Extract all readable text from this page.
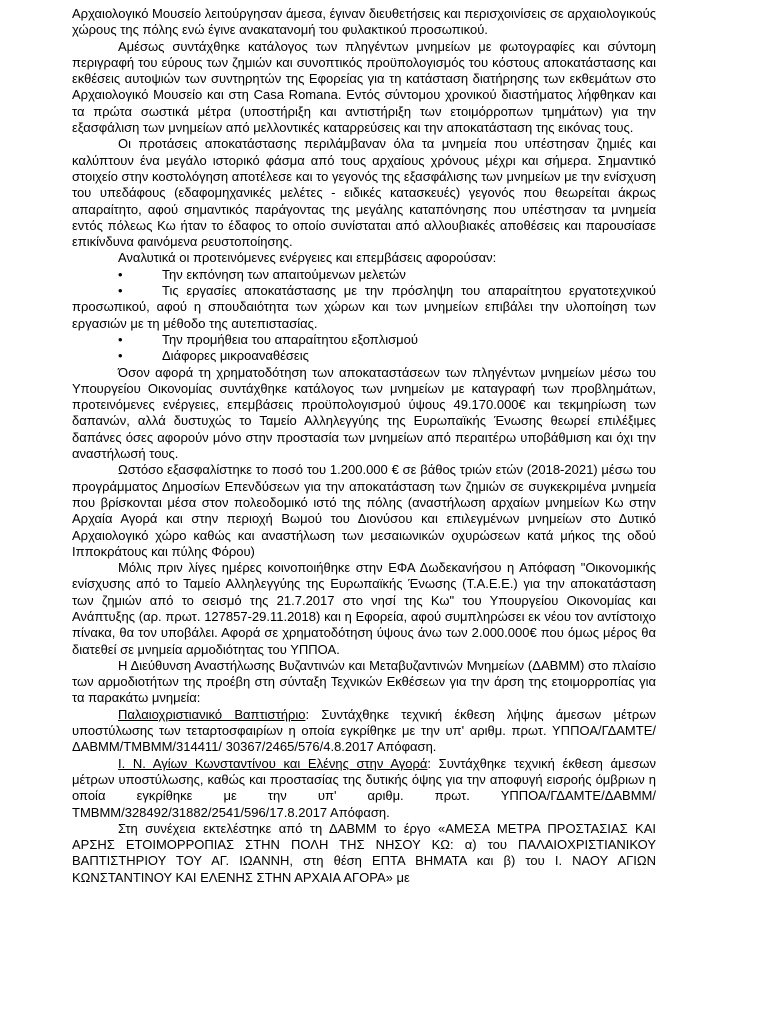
Αρχαιολογικό Μουσείο λειτούργησαν άμεσα, έγιναν διευθετήσεις και περισχοινίσεις σε αρχαιολογικούς χώρους της πόλης ενώ έγινε ανακατανομή του φυλακτικού προσωπικού.

Αμέσως συντάχθηκε κατάλογος των πληγέντων μνημείων με φωτογραφίες και σύντομη περιγραφή του εύρους των ζημιών και συνοπτικός προϋπολογισμός του κόστους αποκατάστασης και εκθέσεις αυτοψιών των συντηρητών της Εφορείας για τη κατάσταση διατήρησης των εκθεμάτων στο Αρχαιολογικό Μουσείο και στη Casa Romana. Εντός σύντομου χρονικού διαστήματος λήφθηκαν και τα πρώτα σωστικά μέτρα (υποστήριξη και αντιστήριξη των ετοιμόρροπων τμημάτων) για την εξασφάλιση των μνημείων από μελλοντικές καταρρεύσεις και την αποκατάσταση της εικόνας τους.

Οι προτάσεις αποκατάστασης περιλάμβαναν όλα τα μνημεία που υπέστησαν ζημιές και καλύπτουν ένα μεγάλο ιστορικό φάσμα από τους αρχαίους χρόνους μέχρι και σήμερα. Σημαντικό στοιχείο στην κοστολόγηση αποτέλεσε και το γεγονός της εξασφάλισης των μνημείων με την ενίσχυση του υπεδάφους (εδαφομηχανικές μελέτες - ειδικές κατασκευές) γεγονός που θεωρείται άκρως απαραίτητο, αφού σημαντικός παράγοντας της μεγάλης καταπόνησης που υπέστησαν τα μνημεία εντός πόλεως Κω ήταν το έδαφος το οποίο συνίσταται από αλλουβιακές αποθέσεις και παρουσίασε επικίνδυνα φαινόμενα ρευστοποίησης.

Αναλυτικά οι προτεινόμενες ενέργειες και επεμβάσεις αφορούσαν:

• Την εκπόνηση των απαιτούμενων μελετών

•	Τις εργασίες αποκατάστασης με την πρόσληψη του απαραίτητου εργατοτεχνικού προσωπικού, αφού η σπουδαιότητα των χώρων και των μνημείων επιβάλει την υλοποίηση των εργασιών με τη μέθοδο της αυτεπιστασίας.

• Την προμήθεια του απαραίτητου εξοπλισμού
• Διάφορες μικροαναθέσεις

Όσον αφορά τη χρηματοδότηση των αποκαταστάσεων των πληγέντων μνημείων μέσω του Υπουργείου Οικονομίας συντάχθηκε κατάλογος των μνημείων με καταγραφή των προβλημάτων, προτεινόμενες ενέργειες, επεμβάσεις προϋπολογισμού ύψους 49.170.000€ και τεκμηρίωση των δαπανών, αλλά δυστυχώς το Ταμείο Αλληλεγγύης της Ευρωπαϊκής Ένωσης θεωρεί επιλέξιμες δαπάνες όσες αφορούν μόνο στην προστασία των μνημείων από περαιτέρω υποβάθμιση και όχι την αναστήλωσή τους.

Ωστόσο εξασφαλίστηκε το ποσό του 1.200.000 € σε βάθος τριών ετών (2018-2021) μέσω του προγράμματος Δημοσίων Επενδύσεων για την αποκατάσταση των ζημιών σε συγκεκριμένα μνημεία που βρίσκονται μέσα στον πολεοδομικό ιστό της πόλης (αναστήλωση αρχαίων μνημείων Κω στην Αρχαία Αγορά και στην περιοχή Βωμού του Διονύσου και επιλεγμένων μνημείων στο Δυτικό Αρχαιολογικό χώρο καθώς και αναστήλωση των μεσαιωνικών οχυρώσεων κατά μήκος της οδού Ιπποκράτους και πύλης Φόρου)

Μόλις πριν λίγες ημέρες κοινοποιήθηκε στην ΕΦΑ Δωδεκανήσου η Απόφαση "Οικονομικής ενίσχυσης από το Ταμείο Αλληλεγγύης της Ευρωπαϊκής Ένωσης (Τ.Α.Ε.Ε.) για την αποκατάσταση των ζημιών από το σεισμό της 21.7.2017 στο νησί της Κω" του Υπουργείου Οικονομίας και Ανάπτυξης (αρ. πρωτ. 127857-29.11.2018) και η Εφορεία, αφού συμπληρώσει εκ νέου τον αντίστοιχο πίνακα, θα τον υποβάλει. Αφορά σε χρηματοδότηση ύψους άνω των 2.000.000€ που όμως μέρος θα διατεθεί σε μνημεία αρμοδιότητας του ΥΠΠΟΑ.

Η Διεύθυνση Αναστήλωσης Βυζαντινών και Μεταβυζαντινών Μνημείων (ΔΑΒΜΜ) στο πλαίσιο των αρμοδιοτήτων της προέβη στη σύνταξη Τεχνικών Εκθέσεων για την άρση της ετοιμορροπίας για τα παρακάτω μνημεία:

Παλαιοχριστιανικό Βαπτιστήριο: Συντάχθηκε τεχνική έκθεση λήψης άμεσων μέτρων υποστύλωσης των τεταρτοσφαιρίων η οποία εγκρίθηκε με την υπ' αριθμ. πρωτ. ΥΠΠΟΑ/ΓΔΑΜΤΕ/ΔΑΒΜΜ/ΤΜΒΜΜ/314411/ 30367/2465/576/4.8.2017 Απόφαση.

Ι. Ν. Αγίων Κωνσταντίνου και Ελένης στην Αγορά: Συντάχθηκε τεχνική έκθεση άμεσων μέτρων υποστύλωσης, καθώς και προστασίας της δυτικής όψης για την αποφυγή εισροής όμβριων η οποία εγκρίθηκε με την υπ' αριθμ. πρωτ. ΥΠΠΟΑ/ΓΔΑΜΤΕ/ΔΑΒΜΜ/ΤΜΒΜΜ/328492/31882/2541/596/17.8.2017 Απόφαση.

Στη συνέχεια εκτελέστηκε από τη ΔΑΒΜΜ το έργο «ΑΜΕΣΑ ΜΕΤΡΑ ΠΡΟΣΤΑΣΙΑΣ ΚΑΙ ΑΡΣΗΣ ΕΤΟΙΜΟΡΡΟΠΙΑΣ ΣΤΗΝ ΠΟΛΗ ΤΗΣ ΝΗΣΟΥ ΚΩ: α) του ΠΑΛΑΙΟΧΡΙΣΤΙΑΝΙΚΟΥ ΒΑΠΤΙΣΤΗΡΙΟΥ ΤΟΥ ΑΓ. ΙΩΑΝΝΗ, στη θέση ΕΠΤΑ ΒΗΜΑΤΑ και β) του Ι. ΝΑΟΥ ΑΓΙΩΝ ΚΩΝΣΤΑΝΤΙΝΟΥ ΚΑΙ ΕΛΕΝΗΣ ΣΤΗΝ ΑΡΧΑΙΑ ΑΓΟΡΑ» με
